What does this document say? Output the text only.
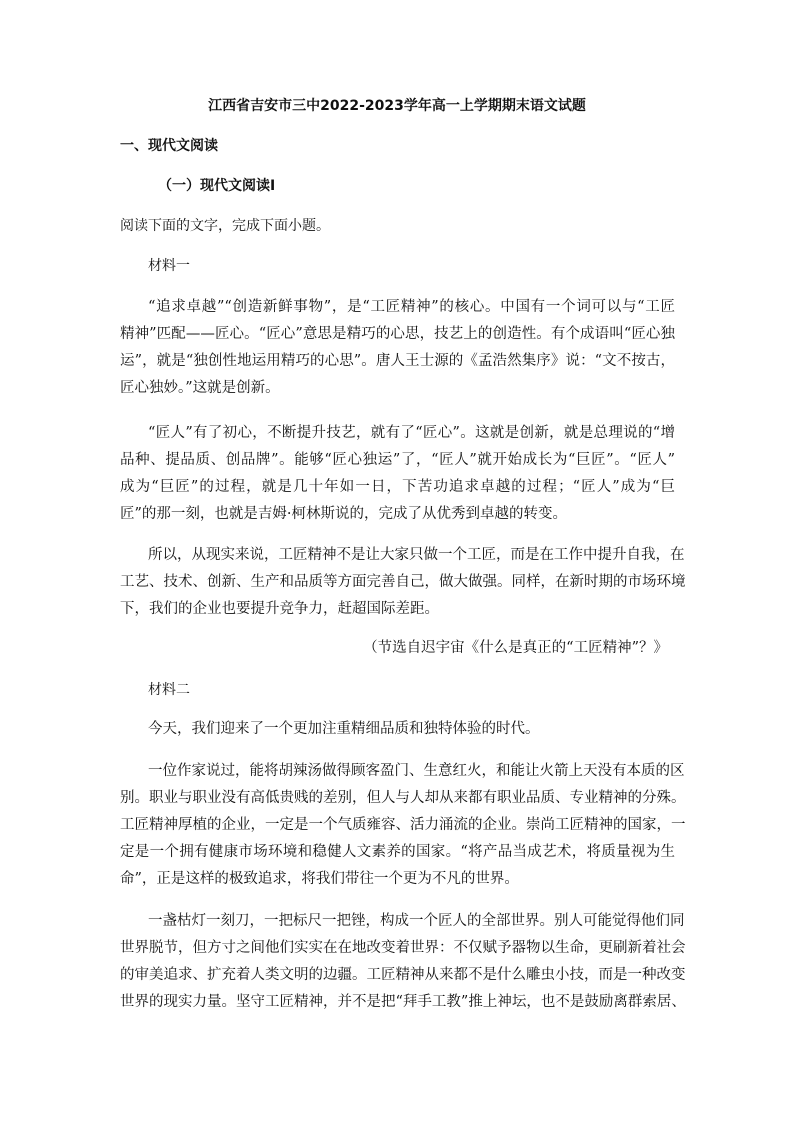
江西省吉安市三中2022-2023学年高一上学期期末语文试题
一、现代文阅读
（一）现代文阅读Ⅰ
阅读下面的文字，完成下面小题。
材料一
“追求卓越”“创造新鲜事物”，是“工匠精神”的核心。中国有一个词可以与“工匠
精神”匹配——匠心。“匠心”意思是精巧的心思，技艺上的创造性。有个成语叫“匠心独
运”，就是“独创性地运用精巧的心思”。唐人王士源的《孟浩然集序》说：“文不按古，
匠心独妙。”这就是创新。
“匠人”有了初心，不断提升技艺，就有了“匠心”。这就是创新，就是总理说的“增
品种、提品质、创品牌”。能够“匠心独运”了，“匠人”就开始成长为“巨匠”。“匠人”
成为“巨匠”的过程，就是几十年如一日，下苦功追求卓越的过程；“匠人”成为“巨
匠”的那一刻，也就是吉姆·柯林斯说的，完成了从优秀到卓越的转变。
所以，从现实来说，工匠精神不是让大家只做一个工匠，而是在工作中提升自我，在
工艺、技术、创新、生产和品质等方面完善自己，做大做强。同样，在新时期的市场环境
下，我们的企业也要提升竞争力，赶超国际差距。
（节选自迟宇宙《什么是真正的“工匠精神”？》
材料二
今天，我们迎来了一个更加注重精细品质和独特体验的时代。
一位作家说过，能将胡辣汤做得顾客盈门、生意红火，和能让火箭上天没有本质的区
别。职业与职业没有高低贵贱的差别，但人与人却从来都有职业品质、专业精神的分殊。
工匠精神厚植的企业，一定是一个气质雍容、活力涌流的企业。崇尚工匠精神的国家，一
定是一个拥有健康市场环境和稳健人文素养的国家。“将产品当成艺术，将质量视为生
命”，正是这样的极致追求，将我们带往一个更为不凡的世界。
一盏枯灯一刻刀，一把标尺一把锉，构成一个匠人的全部世界。别人可能觉得他们同
世界脱节，但方寸之间他们实实在在地改变着世界：不仅赋予器物以生命，更刷新着社会
的审美追求、扩充着人类文明的边疆。工匠精神从来都不是什么雕虫小技，而是一种改变
世界的现实力量。坚守工匠精神，并不是把“拜手工教”推上神坛，也不是鼓励离群索居、
